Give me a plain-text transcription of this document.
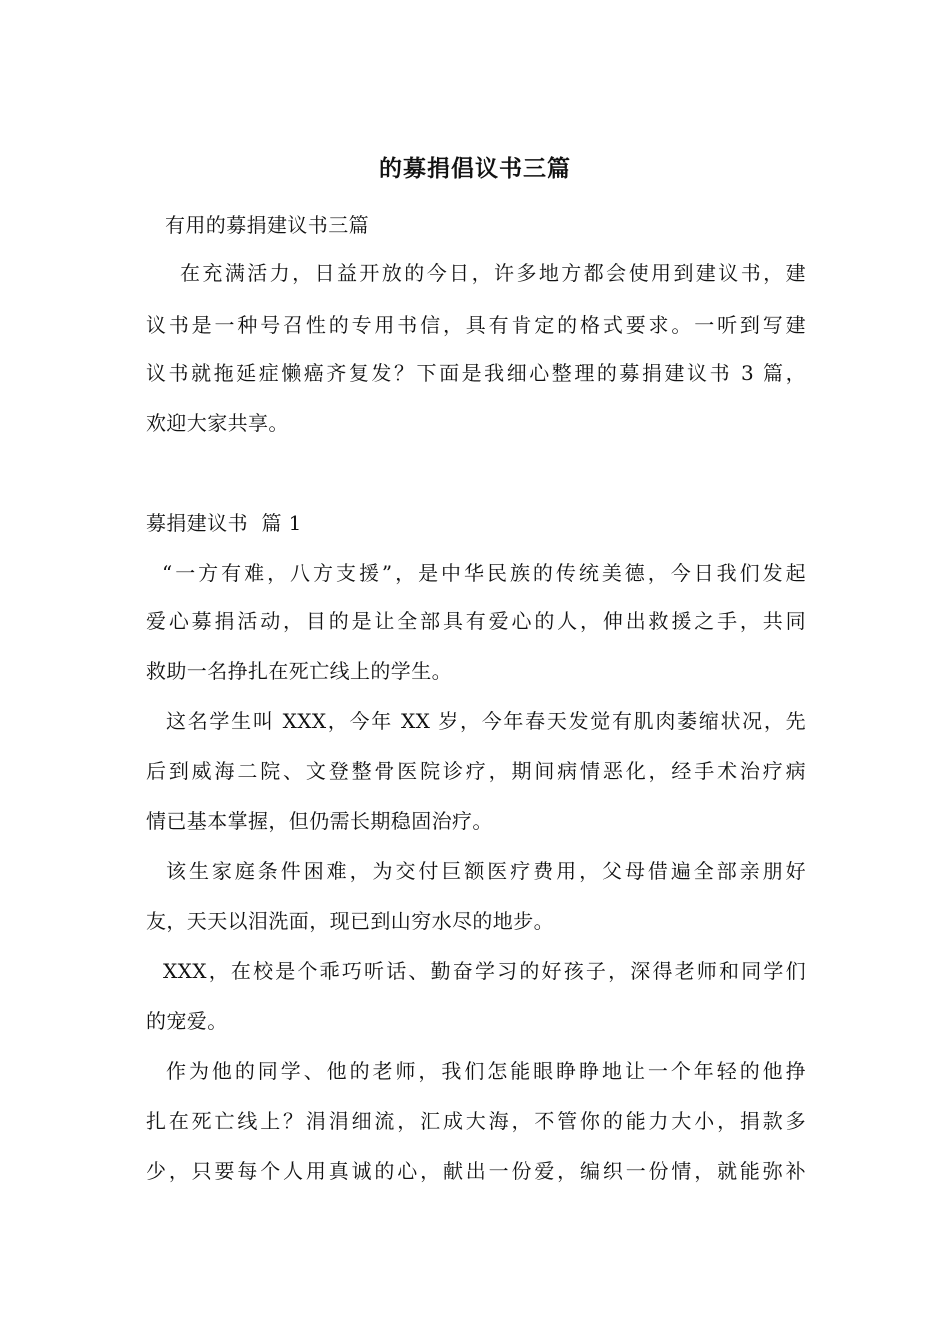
的募捐倡议书三篇
有用的募捐建议书三篇
在充满活力，日益开放的今日，许多地方都会使用到建议书，建
议书是一种号召性的专用书信，具有肯定的格式要求。一听到写建
议书就拖延症懒癌齐复发？下面是我细心整理的募捐建议书 3 篇，
欢迎大家共享。
募捐建议书  篇 1
“一方有难，八方支援”，是中华民族的传统美德，今日我们发起
爱心募捐活动，目的是让全部具有爱心的人，伸出救援之手，共同
救助一名挣扎在死亡线上的学生。
这名学生叫 XXX，今年 XX 岁，今年春天发觉有肌肉萎缩状况，先
后到威海二院、文登整骨医院诊疗，期间病情恶化，经手术治疗病
情已基本掌握，但仍需长期稳固治疗。
该生家庭条件困难，为交付巨额医疗费用，父母借遍全部亲朋好
友，天天以泪洗面，现已到山穷水尽的地步。
XXX，在校是个乖巧听话、勤奋学习的好孩子，深得老师和同学们
的宠爱。
作为他的同学、他的老师，我们怎能眼睁睁地让一个年轻的他挣
扎在死亡线上？涓涓细流，汇成大海，不管你的能力大小，捐款多
少，只要每个人用真诚的心，献出一份爱，编织一份情，就能弥补
